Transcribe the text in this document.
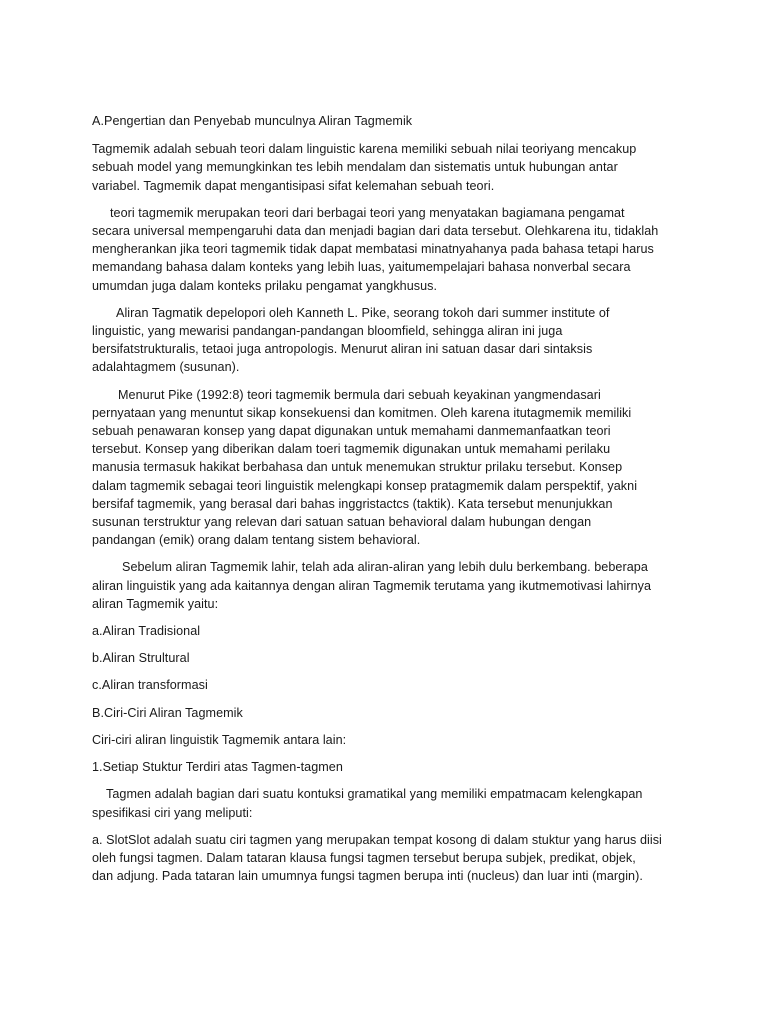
A.Pengertian dan Penyebab munculnya Aliran Tagmemik

Tagmemik adalah sebuah teori dalam linguistic karena memiliki sebuah nilai teoriyang mencakup
sebuah model yang memungkinkan tes lebih mendalam dan sistematis untuk hubungan antar
variabel. Tagmemik dapat mengantisipasi sifat kelemahan sebuah teori.

teori tagmemik merupakan teori dari berbagai teori yang menyatakan bagiamana pengamat
secara universal mempengaruhi data dan menjadi bagian dari data tersebut. Olehkarena itu, tidaklah
mengherankan jika teori tagmemik tidak dapat membatasi minatnyahanya pada bahasa tetapi harus
memandang bahasa dalam konteks yang lebih luas, yaitumempelajari bahasa nonverbal secara
umumdan juga dalam konteks prilaku pengamat yangkhusus.

Aliran Tagmatik depelopori oleh Kanneth L. Pike, seorang tokoh dari summer institute of
linguistic, yang mewarisi pandangan-pandangan bloomfield, sehingga aliran ini juga
bersifatstrukturalis, tetaoi juga antropologis. Menurut aliran ini satuan dasar dari sintaksis
adalahtagmem (susunan).

Menurut Pike (1992:8) teori tagmemik bermula dari sebuah keyakinan yangmendasari
pernyataan yang menuntut sikap konsekuensi dan komitmen. Oleh karena itutagmemik memiliki
sebuah penawaran konsep yang dapat digunakan untuk memahami danmemanfaatkan teori
tersebut. Konsep yang diberikan dalam toeri tagmemik digunakan untuk memahami perilaku
manusia termasuk hakikat berbahasa dan untuk menemukan struktur prilaku tersebut. Konsep
dalam tagmemik sebagai teori linguistik melengkapi konsep pratagmemik dalam perspektif, yakni
bersifaf tagmemik, yang berasal dari bahas inggristactcs (taktik). Kata tersebut menunjukkan
susunan terstruktur yang relevan dari satuan satuan behavioral dalam hubungan dengan
pandangan (emik) orang dalam tentang sistem behavioral.

Sebelum aliran Tagmemik lahir, telah ada aliran-aliran yang lebih dulu berkembang. beberapa
aliran linguistik yang ada kaitannya dengan aliran Tagmemik terutama yang ikutmemotivasi lahirnya
aliran Tagmemik yaitu:

a.Aliran Tradisional

b.Aliran Strultural

c.Aliran transformasi

B.Ciri-Ciri Aliran Tagmemik

Ciri-ciri aliran linguistik Tagmemik antara lain:

1.Setiap Stuktur Terdiri atas Tagmen-tagmen

Tagmen adalah bagian dari suatu kontuksi gramatikal yang memiliki empatmacam kelengkapan
spesifikasi ciri yang meliputi:

a. SlotSlot adalah suatu ciri tagmen yang merupakan tempat kosong di dalam stuktur yang harus diisi
oleh fungsi tagmen. Dalam tataran klausa fungsi tagmen tersebut berupa subjek, predikat, objek,
dan adjung. Pada tataran lain umumnya fungsi tagmen berupa inti (nucleus) dan luar inti (margin).
